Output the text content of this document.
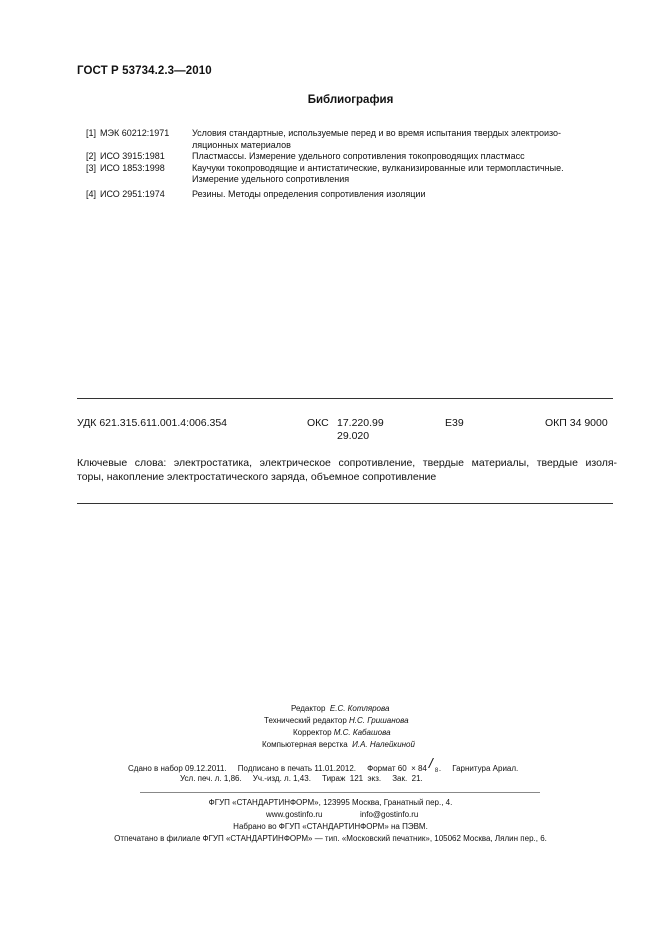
ГОСТ Р 53734.2.3—2010
Библиография
[1] МЭК 60212:1971	Условия стандартные, используемые перед и во время испытания твердых электроизо-
ляционных материалов
[2] ИСО 3915:1981	Пластмассы. Измерение удельного сопротивления токопроводящих пластмасс
[3] ИСО 1853:1998	Каучуки токопроводящие и антистатические, вулканизированные или термопластичные.
Измерение удельного сопротивления
[4] ИСО 2951:1974	Резины. Методы определения сопротивления изоляции
УДК 621.315.611.001.4:006.354	ОКС 17.220.99
29.020
Е39	ОКП 34 9000
Ключевые слова: электростатика, электрическое сопротивление, твердые материалы, твердые изоля-
торы, накопление электростатического заряда, объемное сопротивление
Редактор Е.С. Котлярова
Технический редактор Н.С. Гришанова
Корректор М.С. Кабашова
Компьютерная верстка И.А. Налейкиной
Сдано в набор 09.12.2011.     Подписано в печать 11.01.2012.     Формат 60  × 84 / 8 .     Гарнитура Ариал.
Усл. печ. л. 1,86.     Уч.-изд. л. 1,43.     Тираж  121  экз.     Зак.  21.
ФГУП «СТАНДАРТИНФОРМ», 123995 Москва, Гранатный пер., 4.
www.gostinfo.ru	info@gostinfo.ru
Набрано во ФГУП «СТАНДАРТИНФОРМ» на ПЭВМ.
Отпечатано в филиале ФГУП «СТАНДАРТИНФОРМ» — тип. «Московский печатник», 105062 Москва, Лялин пер., 6.
